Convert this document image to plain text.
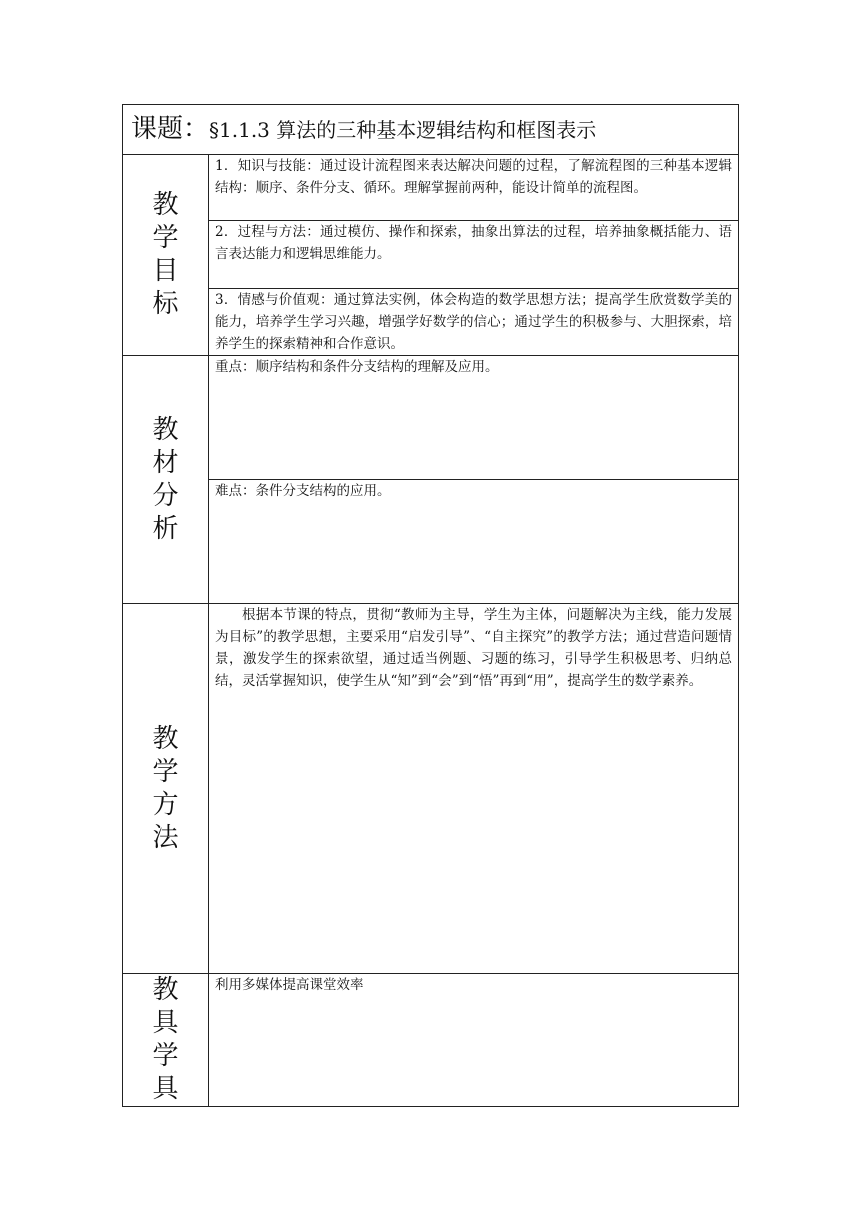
课题：§1.1.3 算法的三种基本逻辑结构和框图表示	
教学目标	1．知识与技能：通过设计流程图来表达解决问题的过程，了解流程图的三种基本逻辑结构：顺序、条件分支、循环。理解掌握前两种，能设计简单的流程图。

	2．过程与方法：通过模仿、操作和探索，抽象出算法的过程，培养抽象概括能力、语言表达能力和逻辑思维能力。

	3．情感与价值观：通过算法实例，体会构造的数学思想方法；提高学生欣赏数学美的能力，培养学生学习兴趣，增强学好数学的信心；通过学生的积极参与、大胆探索，培养学生的探索精神和合作意识。

教材分析	重点：顺序结构和条件分支结构的理解及应用。

	难点：条件分支结构的应用。

教学方法	根据本节课的特点，贯彻“教师为主导，学生为主体，问题解决为主线，能力发展为目标”的教学思想，主要采用“启发引导”、“自主探究”的教学方法；通过营造问题情景，激发学生的探索欲望，通过适当例题、习题的练习，引导学生积极思考、归纳总结，灵活掌握知识，使学生从“知”到“会”到“悟”再到“用”，提高学生的数学素养。

教具学具	利用多媒体提高课堂效率
